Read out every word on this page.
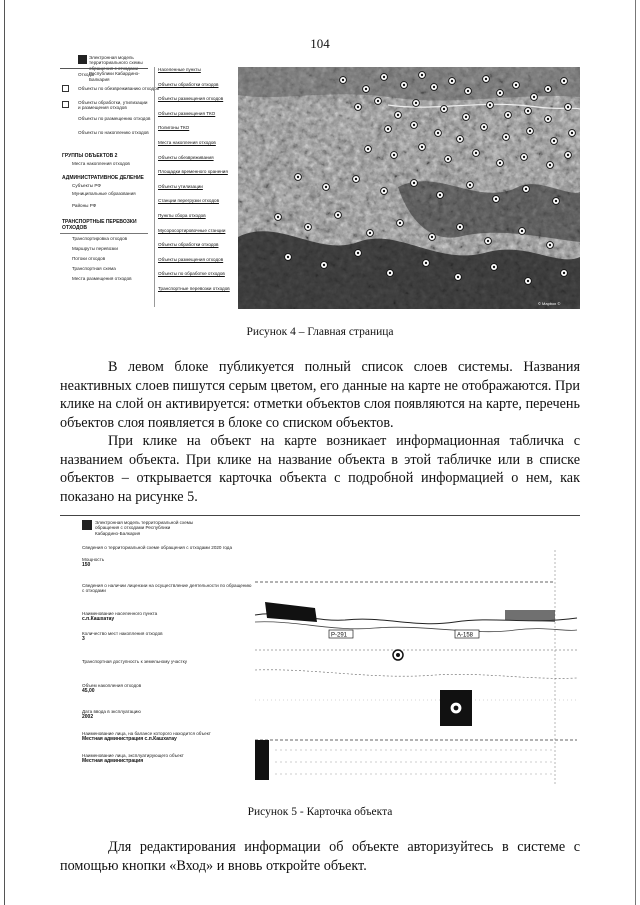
104
Электронная модель территориального схемы Республики Кабардино-Балкария
Отходы
Объекты по обезвреживанию отходов
Объекты обработки, утилизации и размещения отходов
Объекты по размещению отходов
Объекты по накоплению отходов
ГРУППЫ ОБЪЕКТОВ 2
Места накопления отходов
АДМИНИСТРАТИВНОЕ ДЕЛЕНИЕ
Субъекты РФ
Муниципальные образования
Районы РФ
ТРАНСПОРТНЫЕ ПЕРЕВОЗКИ ОТХОДОВ
Транспортировка отходов
Маршруты перевозки
Потоки отходов
Транспортная схема
Места размещения отходов
Населенные пункты
Объекты обработки отходов
Объекты размещения отходов
Объекты размещения ТКО
Полигоны ТКО
Места накопления отходов
Объекты обезвреживания
Площадки временного хранения
Объекты утилизации
Станции перегрузки отходов
Пункты сбора отходов
Мусоросортировочные станции
Объекты обработки отходов
Объекты размещения отходов
Объекты по обработке отходов
Транспортные перевозки отходов
© Mapbox ©
Рисунок 4 – Главная страница
В левом блоке публикуется полный список слоев системы. Названия неактивных слоев пишутся серым цветом, его данные на карте не отображаются. При клике на слой он активируется: отметки объектов слоя появляются на карте, перечень объектов слоя появляется в блоке со списком объектов.
При клике на объект на карте возникает информационная табличка с названием объекта. При клике на название объекта в этой табличке или в списке объектов – открывается карточка объекта с подробной информацией о нем, как показано на рисунке 5.
Электронная модель территориальной схемы обращения с отходами Республики Кабардино-Балкария
Сведения о территориальной схеме обращения с отходами 2020 года
Мощность
150
Сведения о наличии лицензии на осуществление деятельности по обращению с отходами
Наименование населенного пункта
с.п.Кашхатау
Количество мест накопления отходов
3
Транспортная доступность к земельному участку
Объем накопления отходов
45,00
Дата ввода в эксплуатацию
2002
Наименование лица, на балансе которого находится объект
Местная администрация с.п.Кашхатау
Наименование лица, эксплуатирующего объект
Местная администрация
Р-291	А-158
Рисунок 5 - Карточка объекта
Для редактирования информации об объекте авторизуйтесь в системе с помощью кнопки «Вход» и вновь откройте объект.
